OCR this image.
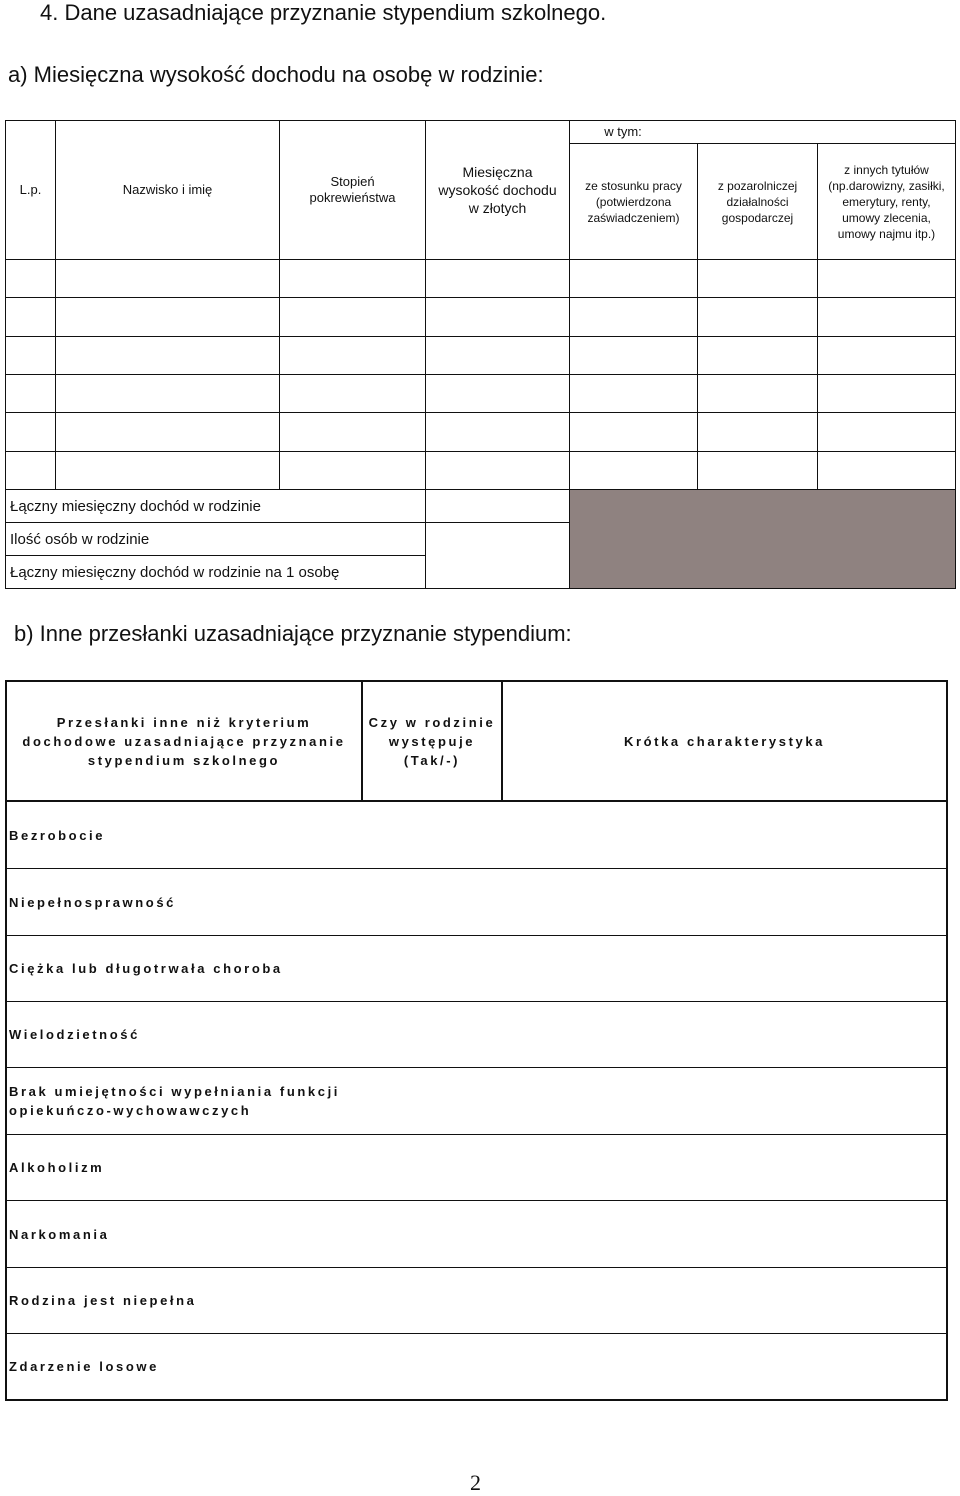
4. Dane uzasadniające przyznanie stypendium szkolnego.
a) Miesięczna wysokość dochodu na osobę w rodzinie:
L.p.	Nazwisko i imię
Stopień
pokrewieństwa
Miesięczna
wysokość dochodu
w złotych
w tym:
ze stosunku pracy
(potwierdzona
zaświadczeniem)
z pozarolniczej
działalności
gospodarczej
z innych tytułów
(np.darowizny, zasiłki,
emerytury, renty,
umowy zlecenia,
umowy najmu itp.)
Łączny miesięczny dochód w rodzinie
Ilość osób w rodzinie
Łączny miesięczny dochód w rodzinie na 1 osobę
b) Inne przesłanki uzasadniające przyznanie stypendium:
Przesłanki inne niż kryterium
dochodowe uzasadniające przyznanie
stypendium szkolnego
Czy w rodzinie
występuje
(Tak/-)
Krótka charakterystyka
Bezrobocie
Niepełnosprawność
Ciężka lub długotrwała choroba
Wielodzietność
Brak umiejętności wypełniania funkcji
opiekuńczo-wychowawczych
Alkoholizm
Narkomania
Rodzina jest niepełna
Zdarzenie losowe
2
